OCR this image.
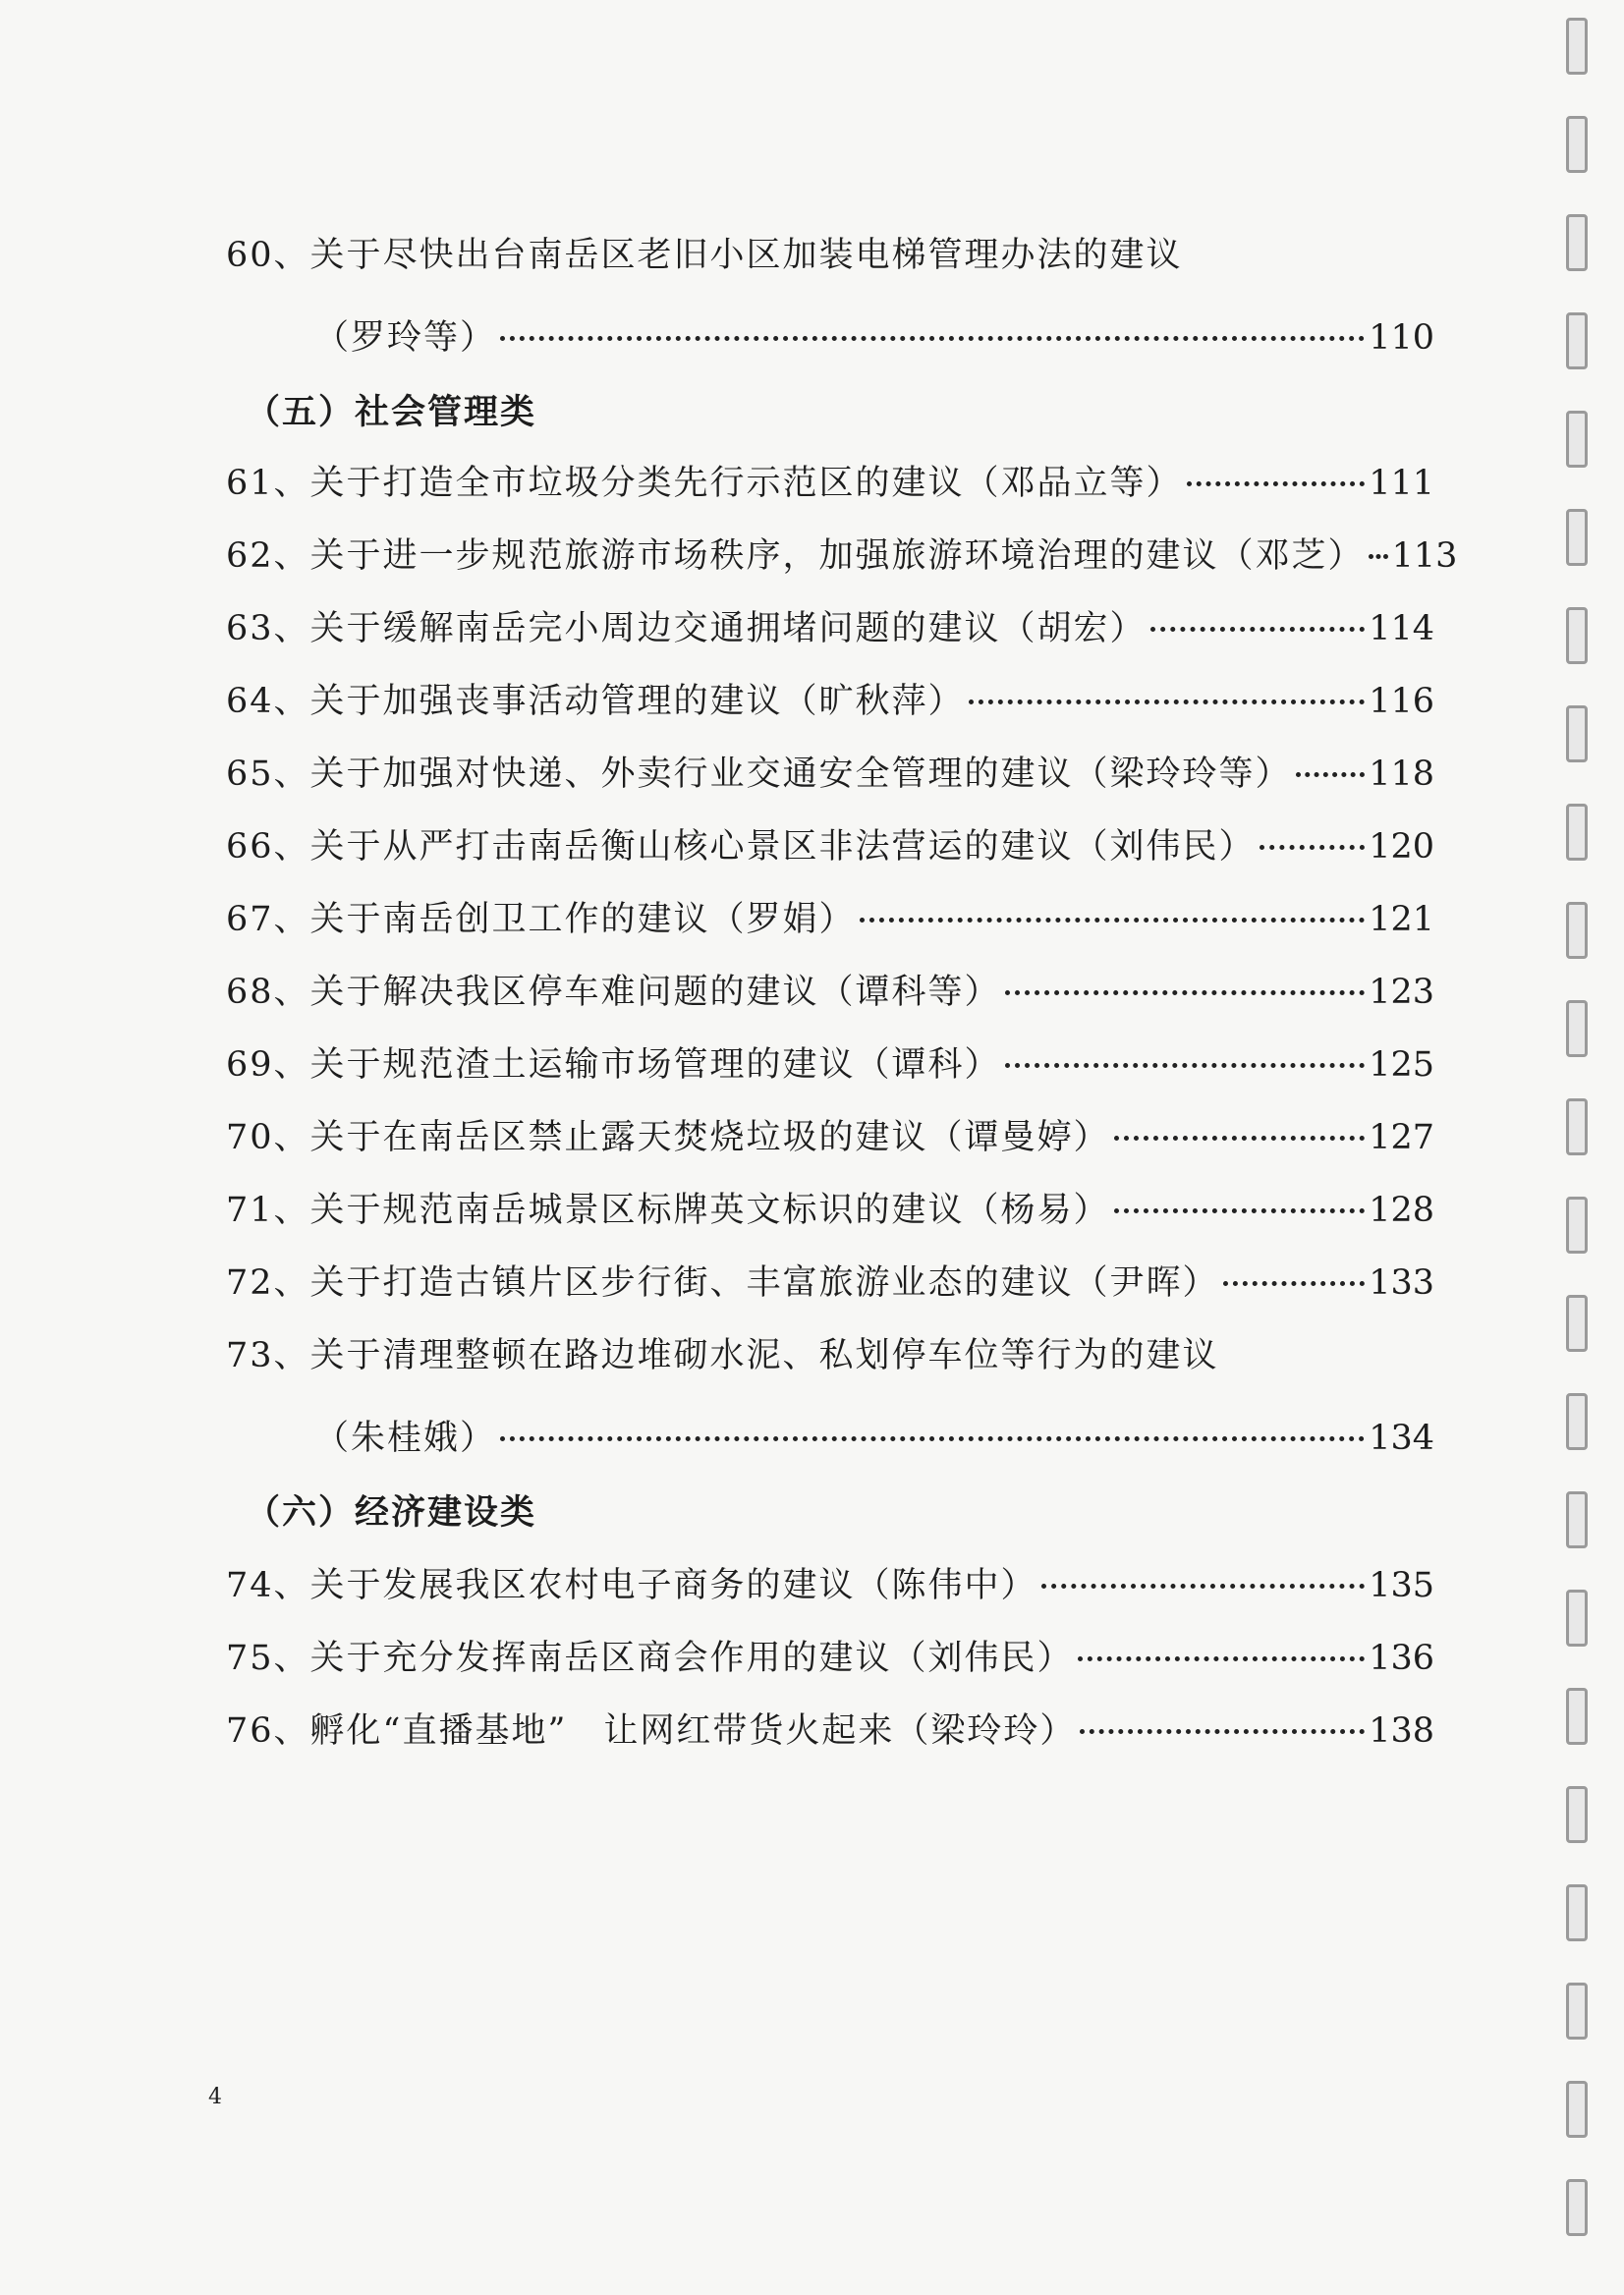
60 、关于尽快出台南岳区老旧小区加装电梯管理办法的建议
（罗玲等）	110
（五）社会管理类
61 、关于打造全市垃圾分类先行示范区的建议（邓品立等）	111
62 、关于进一步规范旅游市场秩序，加强旅游环境治理的建议（邓芝） 113
63 、关于缓解南岳完小周边交通拥堵问题的建议（胡宏）	114
64 、关于加强丧事活动管理的建议（旷秋萍）	116
65 、关于加强对快递、外卖行业交通安全管理的建议（梁玲玲等） 118
66 、关于从严打击南岳衡山核心景区非法营运的建议（刘伟民）	120
67 、关于南岳创卫工作的建议（罗娟）	121
68 、关于解决我区停车难问题的建议（谭科等）	123
69 、关于规范渣土运输市场管理的建议（谭科）	125
70 、关于在南岳区禁止露天焚烧垃圾的建议（谭曼婷）	127
71 、关于规范南岳城景区标牌英文标识的建议（杨易）	128
72 、关于打造古镇片区步行街、丰富旅游业态的建议（尹晖）	133
73 、关于清理整顿在路边堆砌水泥、私划停车位等行为的建议
（朱桂娥）	134
（六）经济建设类
74 、关于发展我区农村电子商务的建议（陈伟中）	135
75 、关于充分发挥南岳区商会作用的建议（刘伟民）	136
76 、孵化“直播基地”　让网红带货火起来（梁玲玲）	138
4
